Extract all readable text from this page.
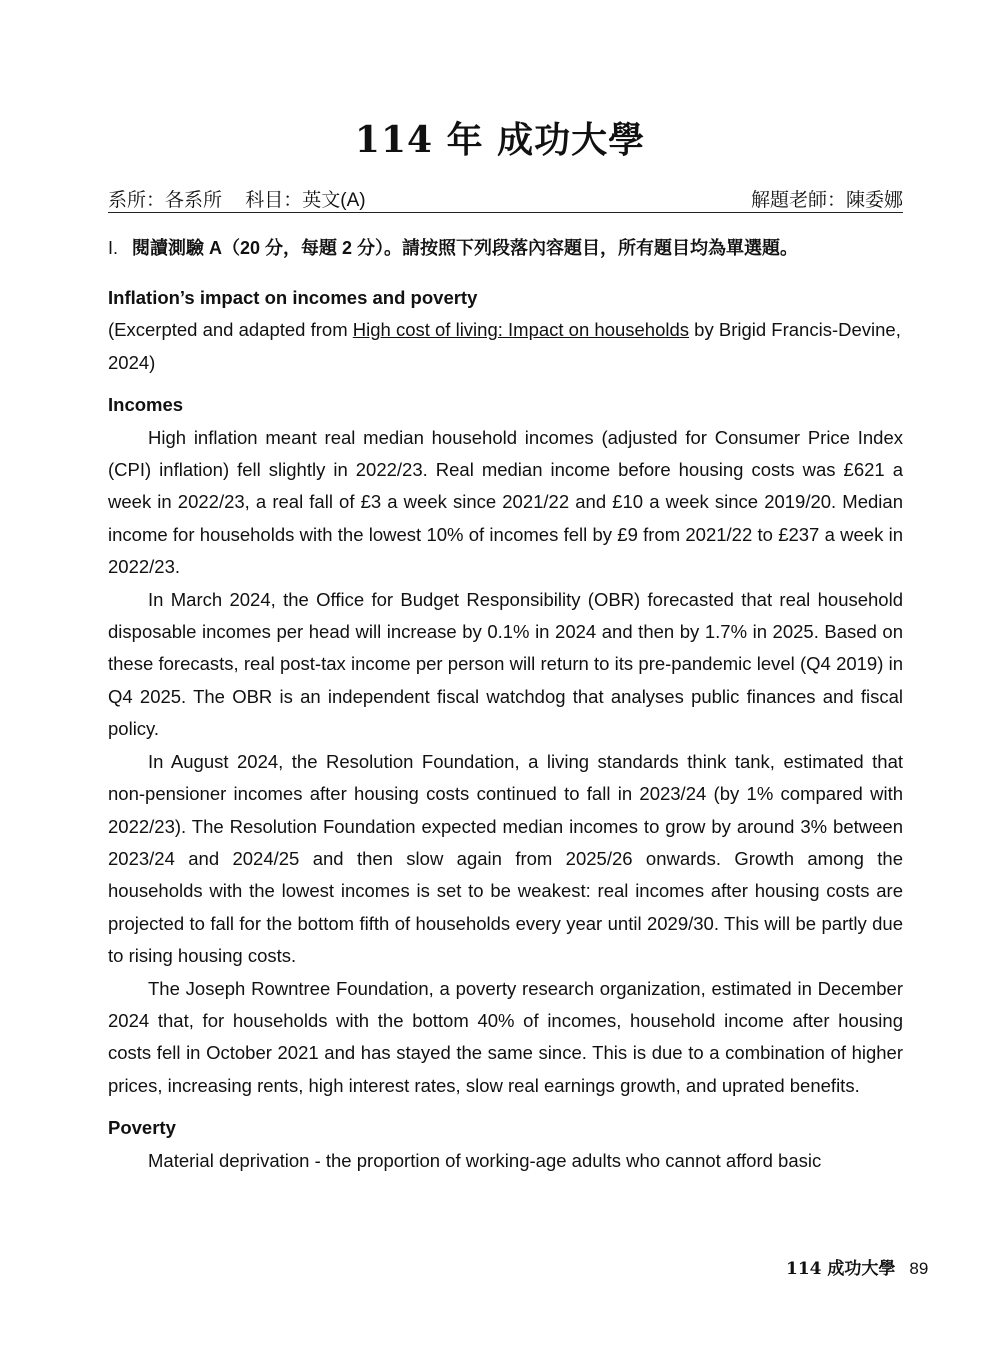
114 年 成功大學
系所：各系所 科目：英文(A)	解題老師：陳委娜
I. 閱讀測驗 A（20 分，每題 2 分）。請按照下列段落內容題目，所有題目均為單選題。

Inflation’s impact on incomes and poverty

(Excerpted and adapted from High cost of living: Impact on households by Brigid Francis-Devine, 2024)

Incomes

High inflation meant real median household incomes (adjusted for Consumer Price Index (CPI) inflation) fell slightly in 2022/23. Real median income before housing costs was £621 a week in 2022/23, a real fall of £3 a week since 2021/22 and £10 a week since 2019/20. Median income for households with the lowest 10% of incomes fell by £9 from 2021/22 to £237 a week in 2022/23.

In March 2024, the Office for Budget Responsibility (OBR) forecasted that real household disposable incomes per head will increase by 0.1% in 2024 and then by 1.7% in 2025. Based on these forecasts, real post-tax income per person will return to its pre-pandemic level (Q4 2019) in Q4 2025. The OBR is an independent fiscal watchdog that analyses public finances and fiscal policy.

In August 2024, the Resolution Foundation, a living standards think tank, estimated that non-pensioner incomes after housing costs continued to fall in 2023/24 (by 1% compared with 2022/23). The Resolution Foundation expected median incomes to grow by around 3% between 2023/24 and 2024/25 and then slow again from 2025/26 onwards. Growth among the households with the lowest incomes is set to be weakest: real incomes after housing costs are projected to fall for the bottom fifth of households every year until 2029/30. This will be partly due to rising housing costs.

The Joseph Rowntree Foundation, a poverty research organization, estimated in December 2024 that, for households with the bottom 40% of incomes, household income after housing costs fell in October 2021 and has stayed the same since. This is due to a combination of higher prices, increasing rents, high interest rates, slow real earnings growth, and uprated benefits.

Poverty

Material deprivation - the proportion of working-age adults who cannot afford basic

114 成功大學 89
